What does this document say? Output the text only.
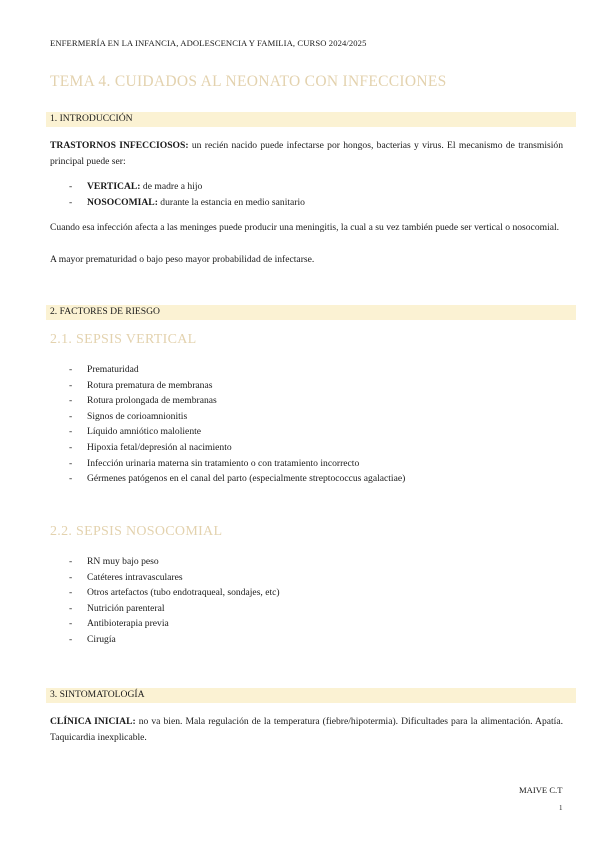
ENFERMERÍA EN LA INFANCIA, ADOLESCENCIA Y FAMILIA, CURSO 2024/2025
TEMA 4. CUIDADOS AL NEONATO CON INFECCIONES
1. INTRODUCCIÓN
TRASTORNOS INFECCIOSOS: un recién nacido puede infectarse por hongos, bacterias y virus. El mecanismo de transmisión principal puede ser:
- VERTICAL: de madre a hijo
- NOSOCOMIAL: durante la estancia en medio sanitario
Cuando esa infección afecta a las meninges puede producir una meningitis, la cual a su vez también puede ser vertical o nosocomial.
A mayor prematuridad o bajo peso mayor probabilidad de infectarse.
2. FACTORES DE RIESGO
2.1. SEPSIS VERTICAL
- Prematuridad
- Rotura prematura de membranas
- Rotura prolongada de membranas
- Signos de corioamnionitis
- Líquido amniótico maloliente
- Hipoxia fetal/depresión al nacimiento
- Infección urinaria materna sin tratamiento o con tratamiento incorrecto
- Gérmenes patógenos en el canal del parto (especialmente streptococcus agalactiae)
2.2. SEPSIS NOSOCOMIAL
- RN muy bajo peso
- Catéteres intravasculares
- Otros artefactos (tubo endotraqueal, sondajes, etc)
- Nutrición parenteral
- Antibioterapia previa
- Cirugía
3. SINTOMATOLOGÍA
CLÍNICA INICIAL: no va bien. Mala regulación de la temperatura (fiebre/hipotermia). Dificultades para la alimentación. Apatía. Taquicardia inexplicable.
MAIVE C.T
1
